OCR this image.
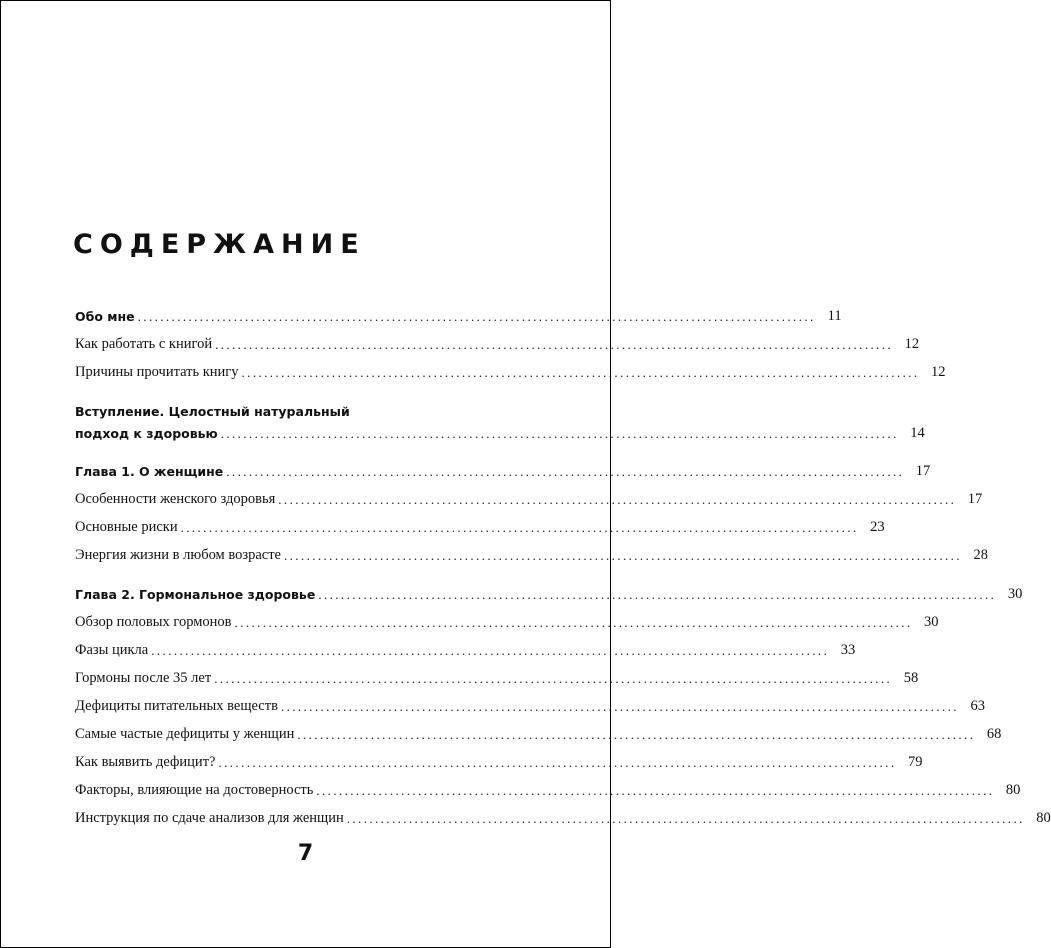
СОДЕРЖАНИЕ
Обо мне ........................................................................................................................ 11
Как работать с книгой ........................................................................................................................ 12
Причины прочитать книгу ........................................................................................................................ 12
Вступление. Целостный натуральный
подход к здоровью ........................................................................................................................ 14
Глава 1. О женщине ........................................................................................................................ 17
Особенности женского здоровья ........................................................................................................................ 17
Основные риски ........................................................................................................................ 23
Энергия жизни в любом возрасте ........................................................................................................................ 28
Глава 2. Гормональное здоровье ........................................................................................................................ 30
Обзор половых гормонов ........................................................................................................................ 30
Фазы цикла ........................................................................................................................ 33
Гормоны после 35 лет ........................................................................................................................ 58
Дефициты питательных веществ ........................................................................................................................ 63
Самые частые дефициты у женщин ........................................................................................................................ 68
Как выявить дефицит? ........................................................................................................................ 79
Факторы, влияющие на достоверность ........................................................................................................................ 80
Инструкция по сдаче анализов для женщин ........................................................................................................................ 80
7
